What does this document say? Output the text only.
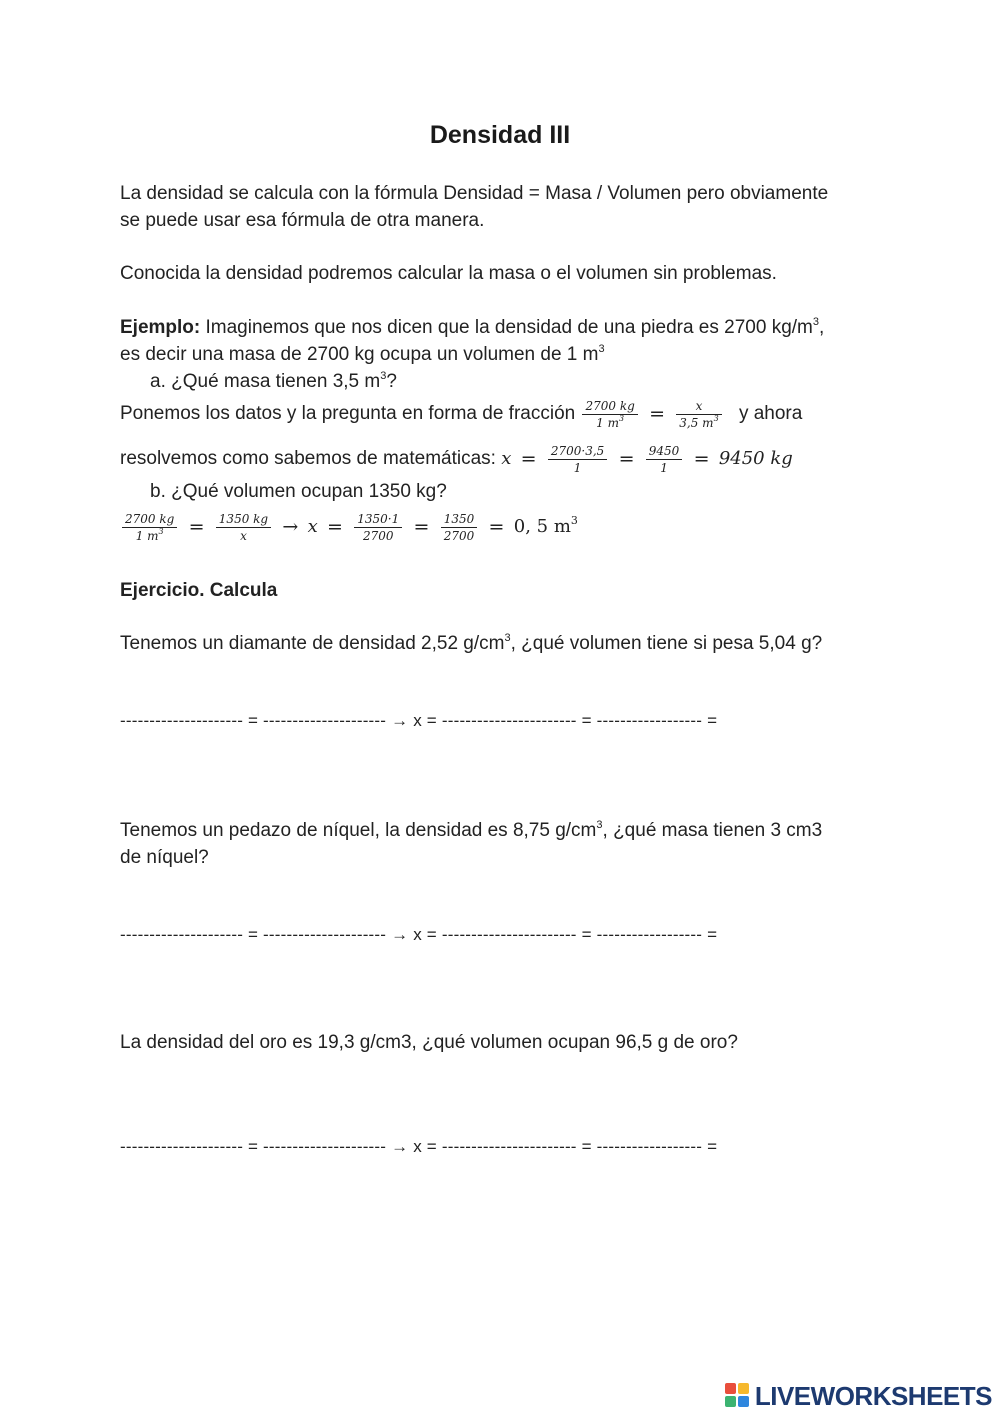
Densidad III
La densidad se calcula con la fórmula Densidad = Masa / Volumen pero obviamente
se puede usar esa fórmula de otra manera.
Conocida la densidad podremos calcular la masa o el volumen sin problemas.
Ejemplo: Imaginemos que nos dicen que la densidad de una piedra es 2700 $kg/m^3$,
es decir una masa de 2700 kg ocupa un volumen de 1 $m^3$
a. ¿Qué masa tienen 3,5 $m^3$?
Ponemos los datos y la pregunta en forma de fracción $\frac{2700 kg}{1 m^3} = \frac{x}{3,5 m^3}$ y ahora
resolvemos como sabemos de matemáticas: $x = \frac{2700\cdot 3,5}{1} = \frac{9450}{1} = 9450$ kg
b. ¿Qué volumen ocupan 1350 kg?
$\frac{2700 kg}{1 m^3} = \frac{1350 kg}{x} \to x = \frac{1350\cdot 1}{2700} = \frac{1350}{2700} = 0$, 5 $m^3$
Ejercicio. Calcula
Tenemos un diamante de densidad 2,52 $g/cm^3$, ¿qué volumen tiene si pesa 5,04 g?
--------------------- = --------------------- → x = ----------------------- = ------------------ =
Tenemos un pedazo de níquel, la densidad es 8,75 $g/cm^3$, ¿qué masa tienen 3 cm3
de níquel?
--------------------- = --------------------- → x = ----------------------- = ------------------ =
La densidad del oro es 19,3 g/cm3, ¿qué volumen ocupan 96,5 g de oro?
--------------------- = --------------------- → x = ----------------------- = ------------------ =
LIVEWORKSHEETS
